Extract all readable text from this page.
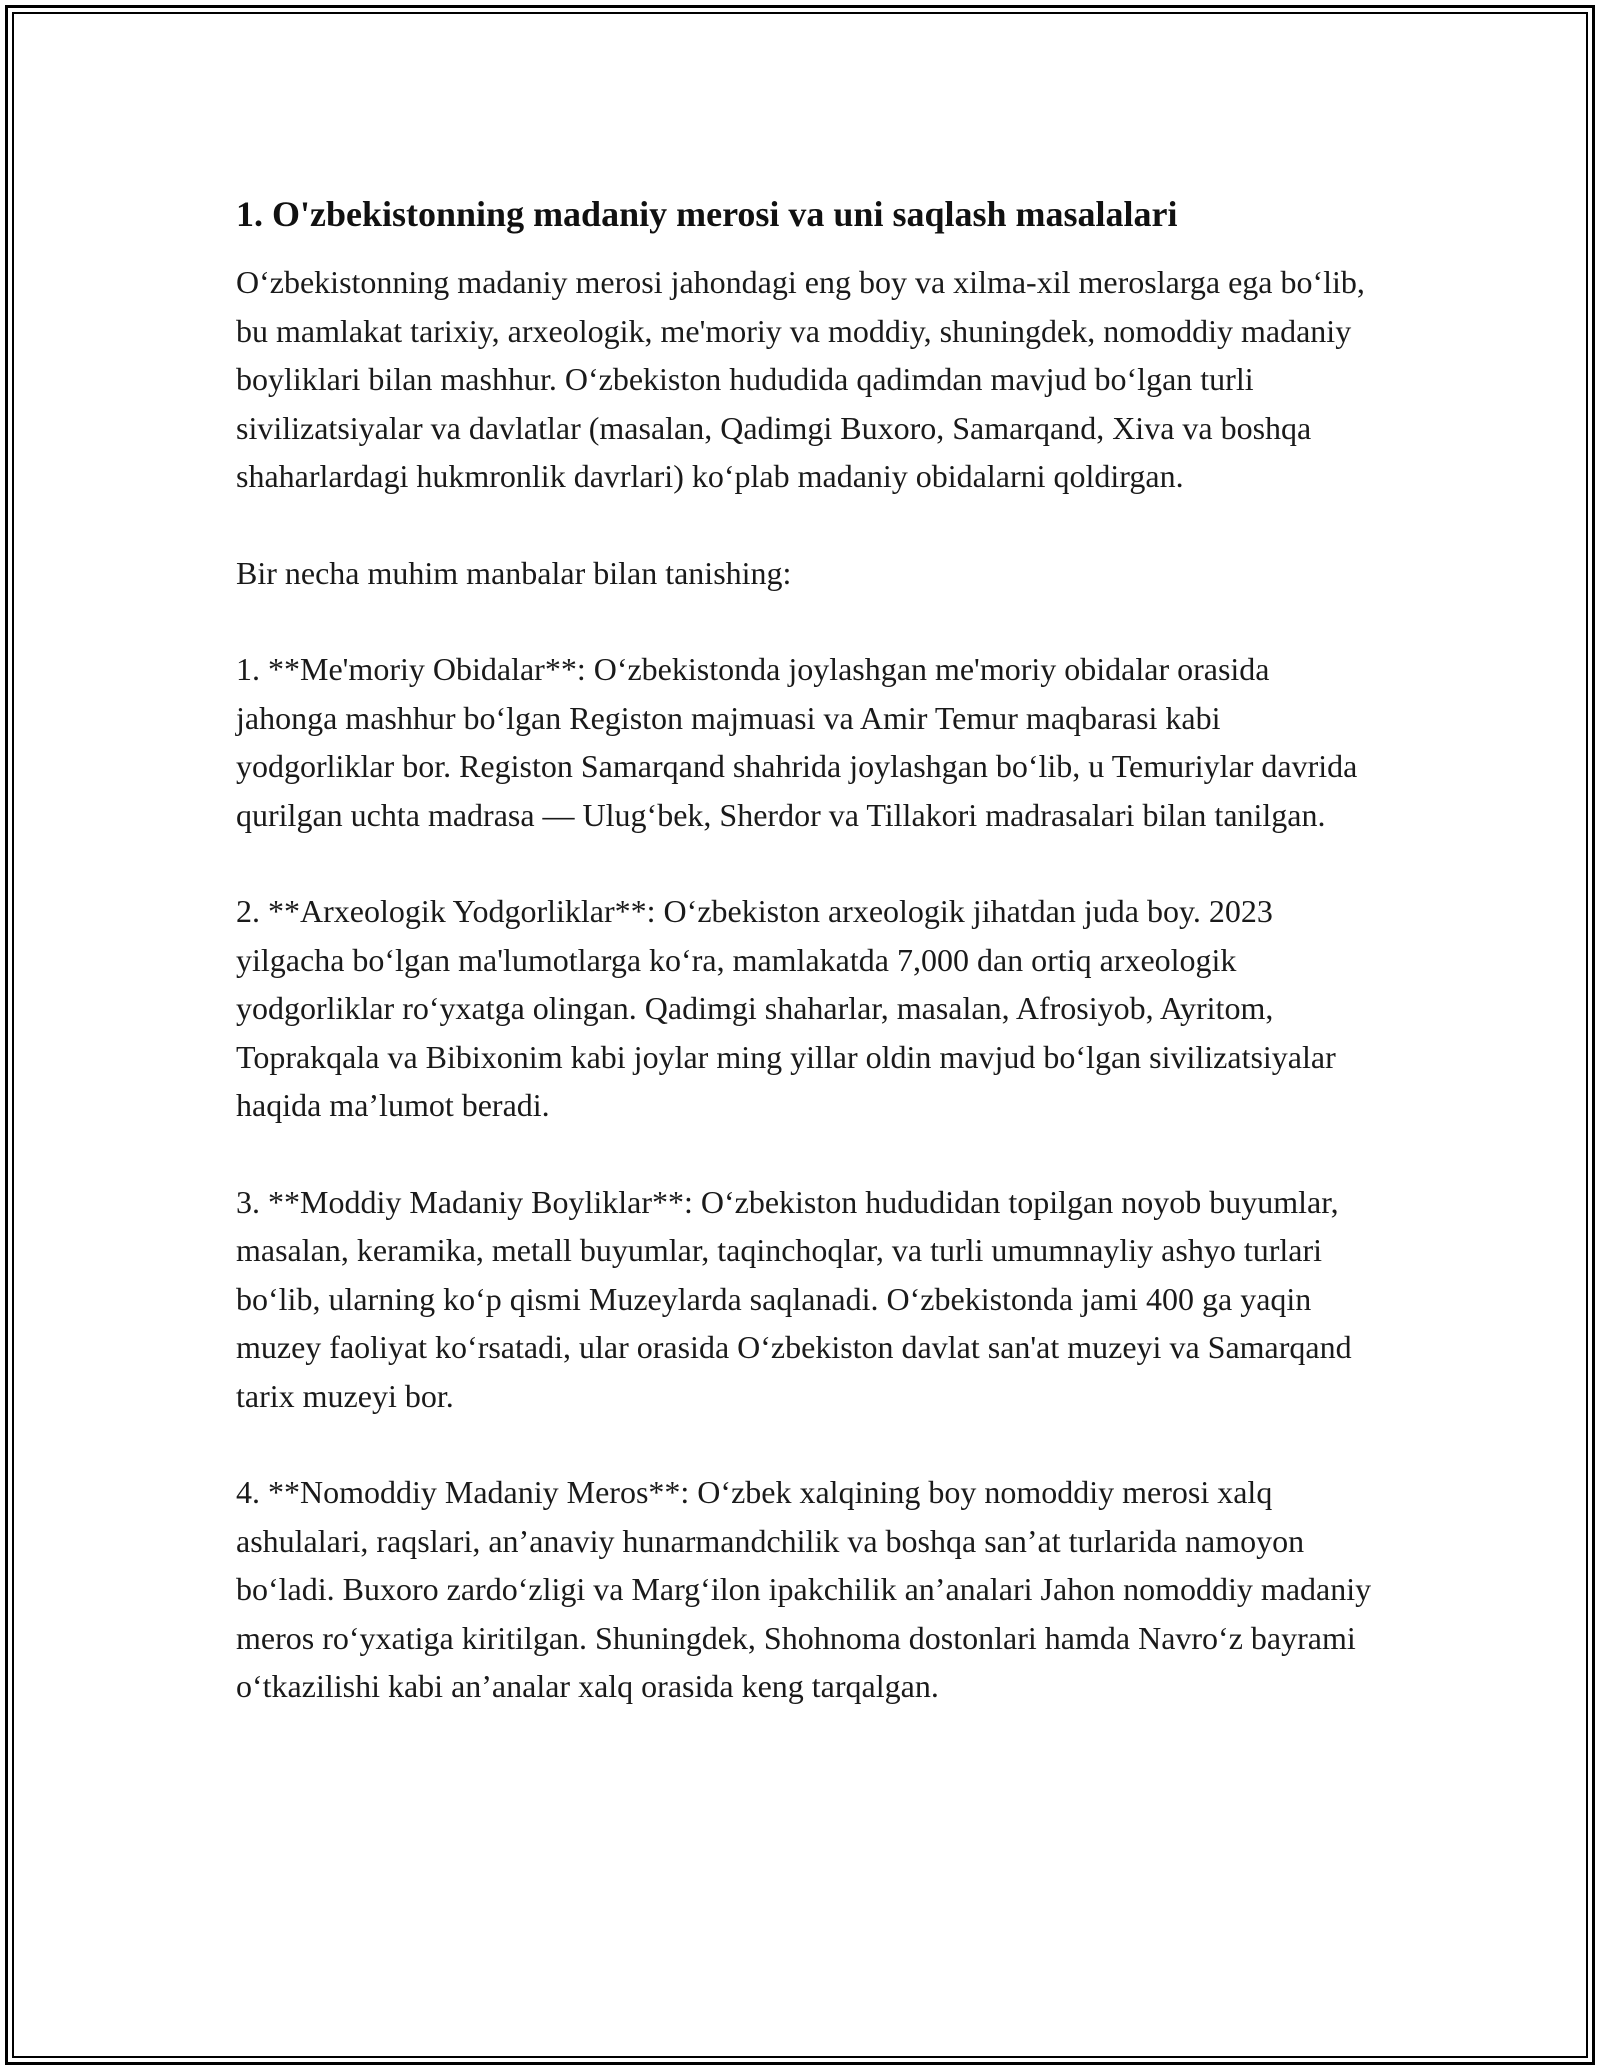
1. O'zbekistonning madaniy merosi va uni saqlash masalalari

O‘zbekistonning madaniy merosi jahondagi eng boy va xilma-xil meroslarga ega bo‘lib, bu mamlakat tarixiy, arxeologik, me'moriy va moddiy, shuningdek, nomoddiy madaniy boyliklari bilan mashhur. O‘zbekiston hududida qadimdan mavjud bo‘lgan turli sivilizatsiyalar va davlatlar (masalan, Qadimgi Buxoro, Samarqand, Xiva va boshqa shaharlardagi hukmronlik davrlari) ko‘plab madaniy obidalarni qoldirgan.

Bir necha muhim manbalar bilan tanishing:

1. **Me'moriy Obidalar**: O‘zbekistonda joylashgan me'moriy obidalar orasida jahonga mashhur bo‘lgan Registon majmuasi va Amir Temur maqbarasi kabi yodgorliklar bor. Registon Samarqand shahrida joylashgan bo‘lib, u Temuriylar davrida qurilgan uchta madrasa — Ulug‘bek, Sherdor va Tillakori madrasalari bilan tanilgan.

2. **Arxeologik Yodgorliklar**: O‘zbekiston arxeologik jihatdan juda boy. 2023 yilgacha bo‘lgan ma'lumotlarga ko‘ra, mamlakatda 7,000 dan ortiq arxeologik yodgorliklar ro‘yxatga olingan. Qadimgi shaharlar, masalan, Afrosiyob, Ayritom, Toprakqala va Bibixonim kabi joylar ming yillar oldin mavjud bo‘lgan sivilizatsiyalar haqida ma’lumot beradi.

3. **Moddiy Madaniy Boyliklar**: O‘zbekiston hududidan topilgan noyob buyumlar, masalan, keramika, metall buyumlar, taqinchoqlar, va turli umumnayliy ashyo turlari bo‘lib, ularning ko‘p qismi Muzeylarda saqlanadi. O‘zbekistonda jami 400 ga yaqin muzey faoliyat ko‘rsatadi, ular orasida O‘zbekiston davlat san'at muzeyi va Samarqand tarix muzeyi bor.

4. **Nomoddiy Madaniy Meros**: O‘zbek xalqining boy nomoddiy merosi xalq ashulalari, raqslari, an’anaviy hunarmandchilik va boshqa san’at turlarida namoyon bo‘ladi. Buxoro zardo‘zligi va Marg‘ilon ipakchilik an’analari Jahon nomoddiy madaniy meros ro‘yxatiga kiritilgan. Shuningdek, Shohnoma dostonlari hamda Navro‘z bayrami o‘tkazilishi kabi an’analar xalq orasida keng tarqalgan.
